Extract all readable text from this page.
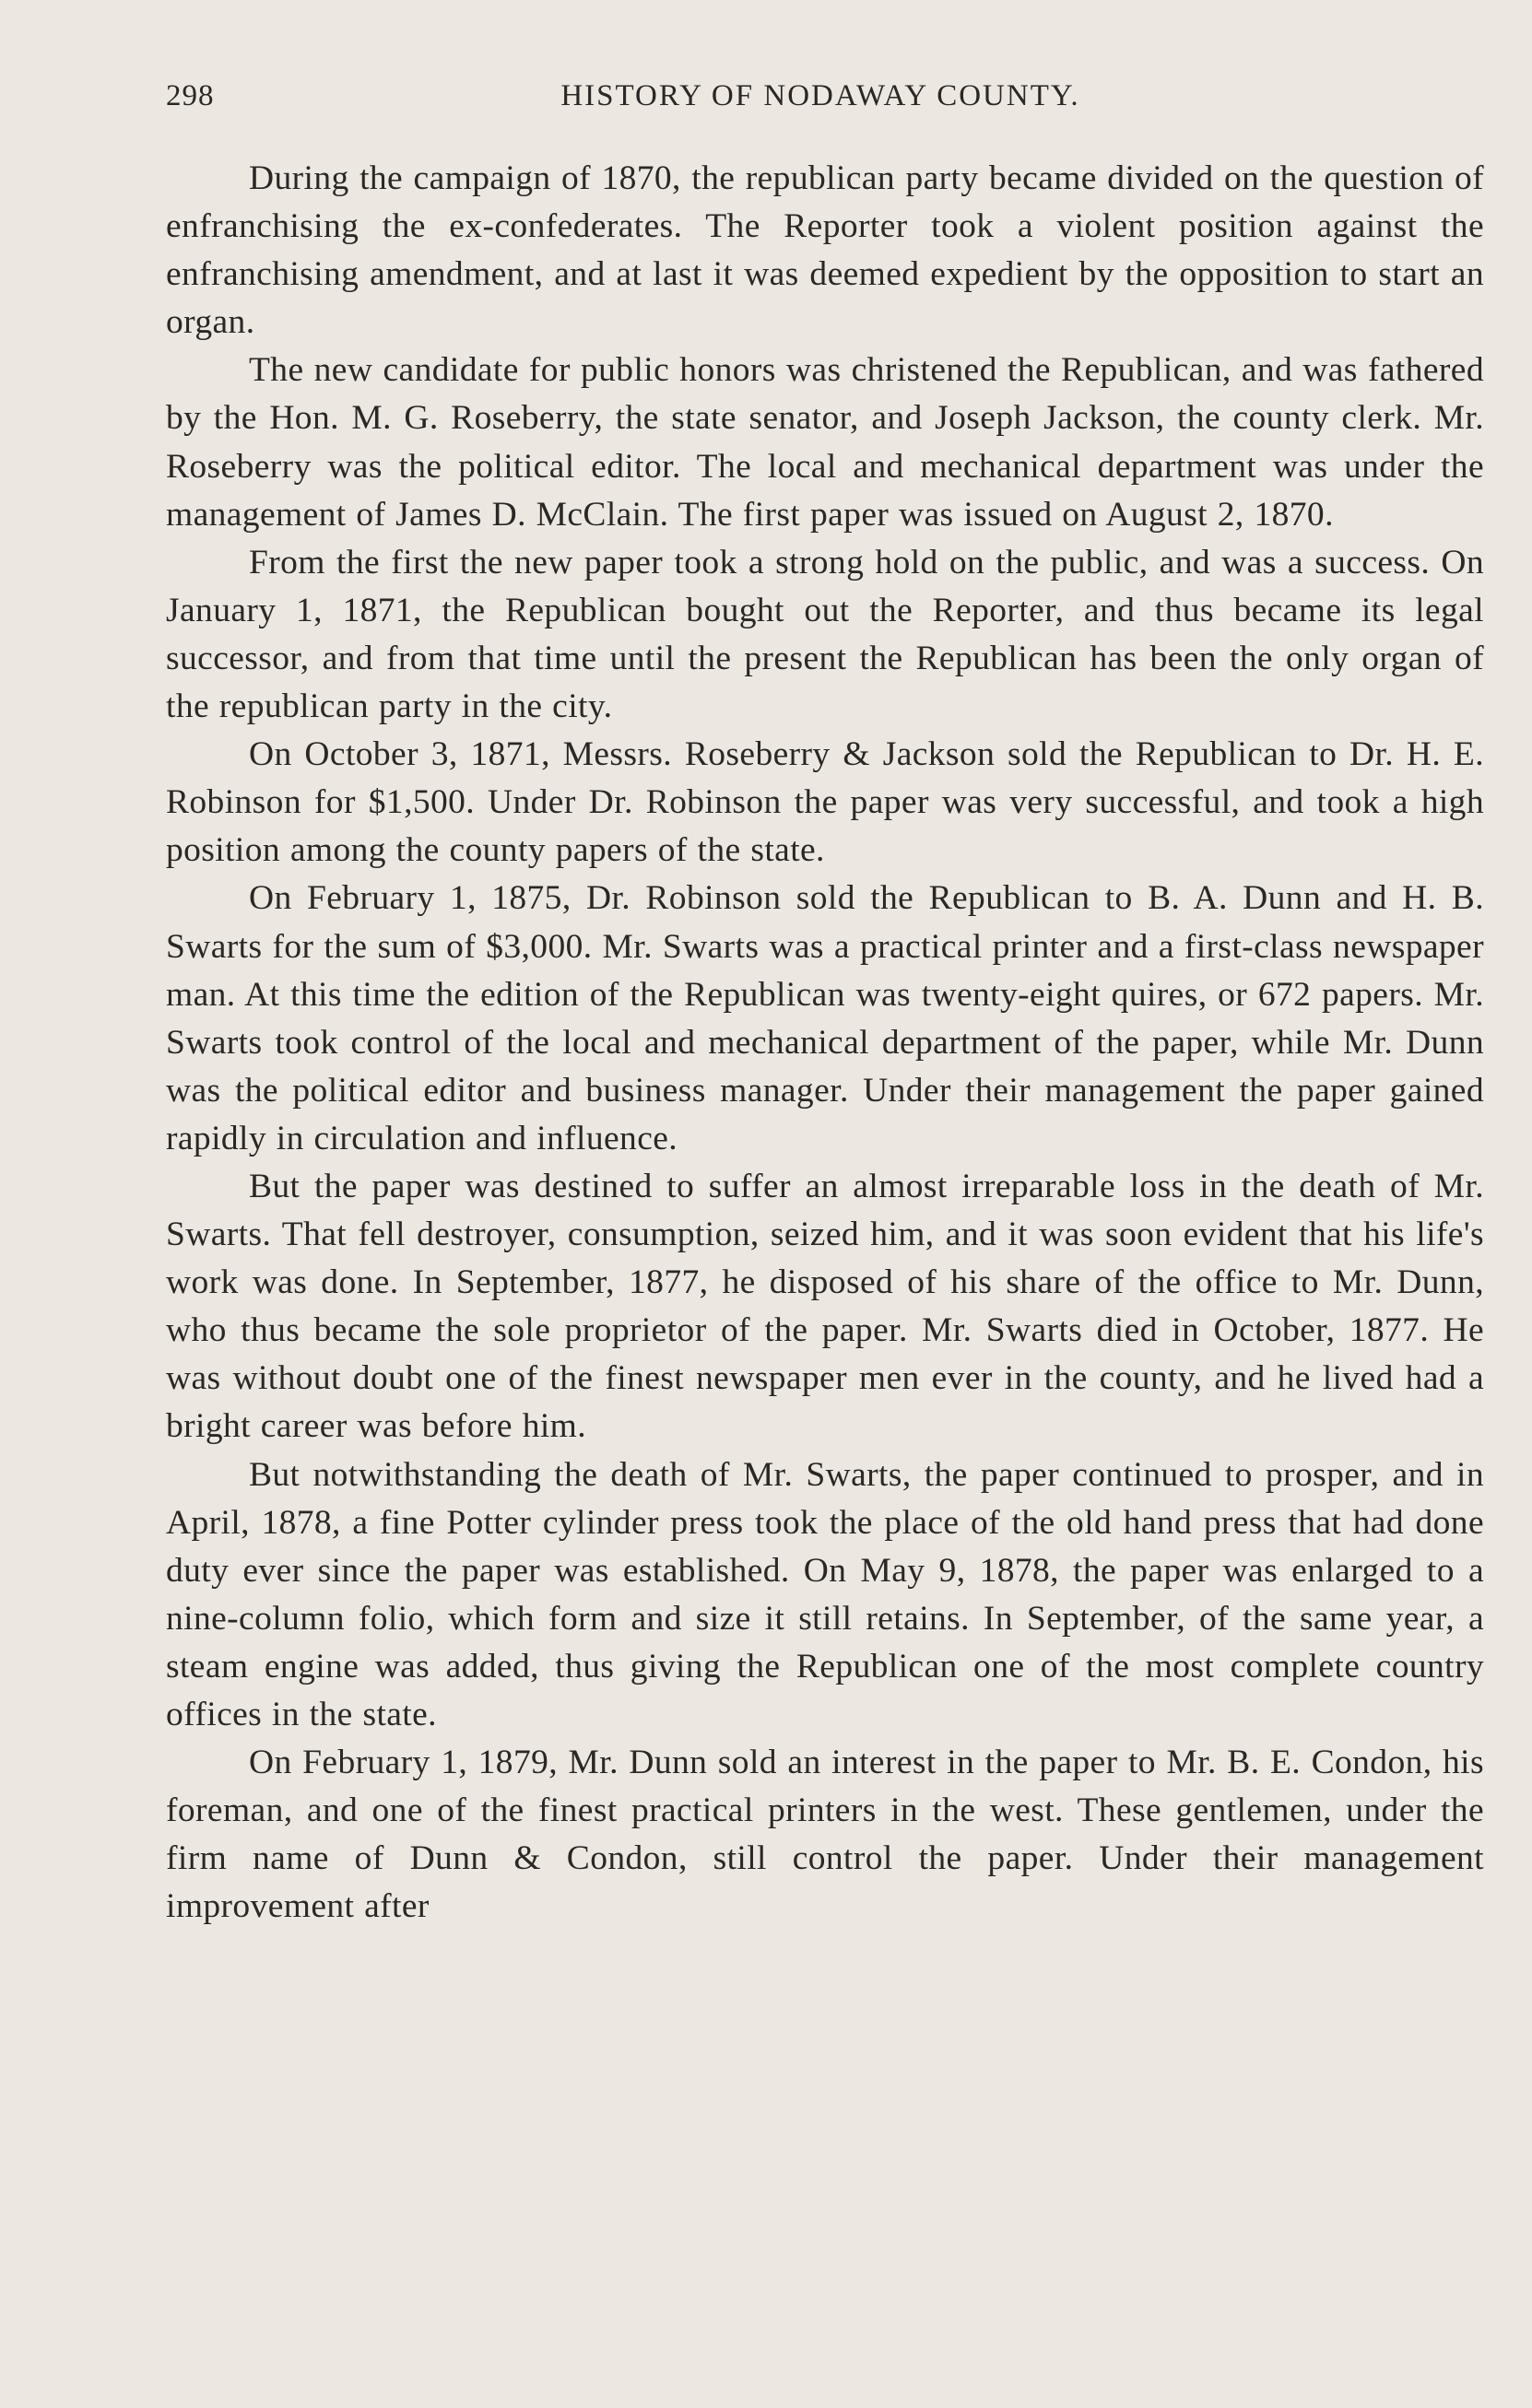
298	HISTORY OF NODAWAY COUNTY.

During the campaign of 1870, the republican party became divided on the question of enfranchising the ex-confederates. The Reporter took a violent position against the enfranchising amendment, and at last it was deemed expedient by the opposition to start an organ.

The new candidate for public honors was christened the Republican, and was fathered by the Hon. M. G. Roseberry, the state senator, and Joseph Jackson, the county clerk. Mr. Roseberry was the political editor. The local and mechanical department was under the management of James D. McClain. The first paper was issued on August 2, 1870.

From the first the new paper took a strong hold on the public, and was a success. On January 1, 1871, the Republican bought out the Reporter, and thus became its legal successor, and from that time until the present the Republican has been the only organ of the republican party in the city.

On October 3, 1871, Messrs. Roseberry & Jackson sold the Republican to Dr. H. E. Robinson for $1,500. Under Dr. Robinson the paper was very successful, and took a high position among the county papers of the state.

On February 1, 1875, Dr. Robinson sold the Republican to B. A. Dunn and H. B. Swarts for the sum of $3,000. Mr. Swarts was a practical printer and a first-class newspaper man. At this time the edition of the Republican was twenty-eight quires, or 672 papers. Mr. Swarts took control of the local and mechanical department of the paper, while Mr. Dunn was the political editor and business manager. Under their management the paper gained rapidly in circulation and influence.

But the paper was destined to suffer an almost irreparable loss in the death of Mr. Swarts. That fell destroyer, consumption, seized him, and it was soon evident that his life's work was done. In September, 1877, he disposed of his share of the office to Mr. Dunn, who thus became the sole proprietor of the paper. Mr. Swarts died in October, 1877. He was without doubt one of the finest newspaper men ever in the county, and he lived had a bright career was before him.

But notwithstanding the death of Mr. Swarts, the paper continued to prosper, and in April, 1878, a fine Potter cylinder press took the place of the old hand press that had done duty ever since the paper was established. On May 9, 1878, the paper was enlarged to a nine-column folio, which form and size it still retains. In September, of the same year, a steam engine was added, thus giving the Republican one of the most complete country offices in the state.

On February 1, 1879, Mr. Dunn sold an interest in the paper to Mr. B. E. Condon, his foreman, and one of the finest practical printers in the west. These gentlemen, under the firm name of Dunn & Condon, still control the paper. Under their management improvement after
